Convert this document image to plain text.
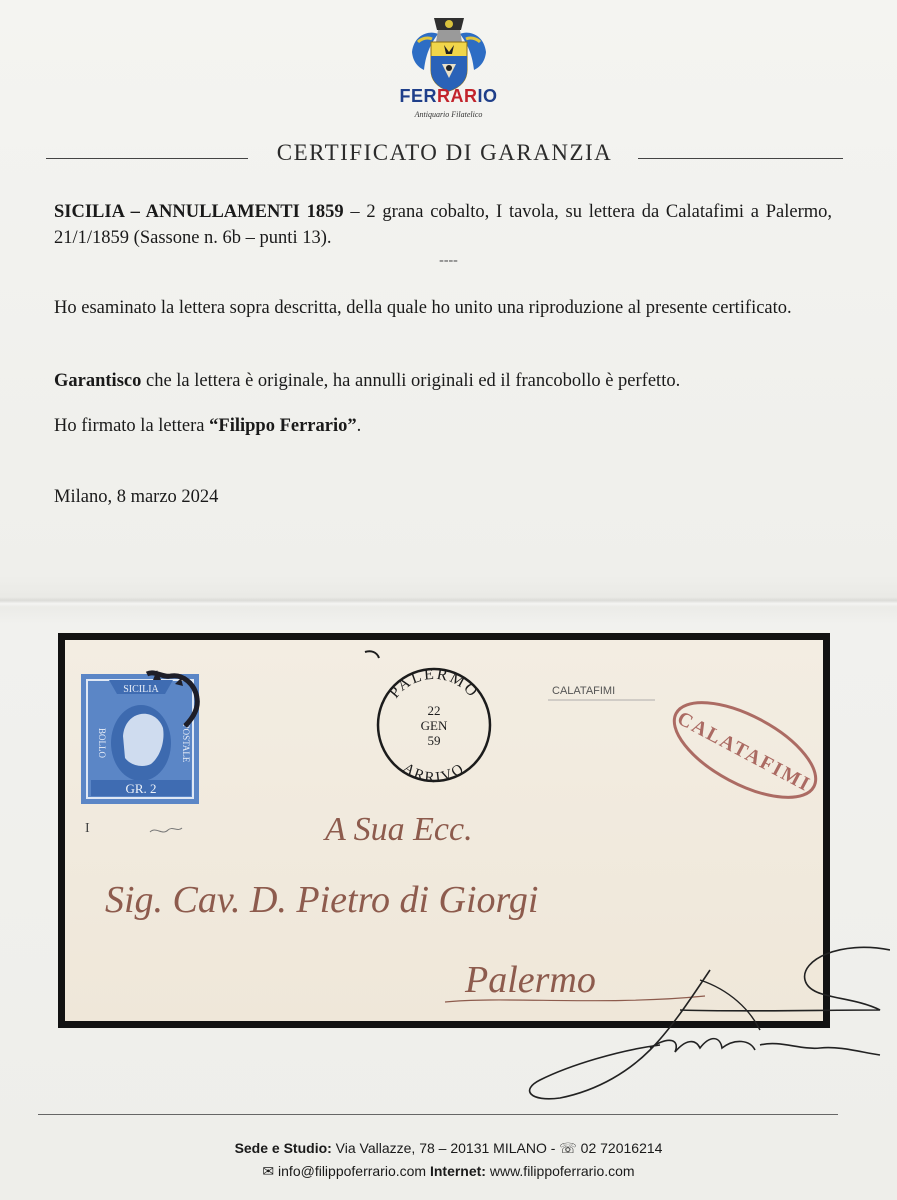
FERRARIO
Antiquario Filatelico
CERTIFICATO DI GARANZIA
SICILIA – ANNULLAMENTI 1859 – 2 grana cobalto, I tavola, su lettera da Calatafimi a Palermo, 21/1/1859 (Sassone n. 6b – punti 13).
----
Ho esaminato la lettera sopra descritta, della quale ho unito una riproduzione al presente certificato.
Garantisco che la lettera è originale, ha annulli originali ed il francobollo è perfetto.
Ho firmato la lettera “Filippo Ferrario”.
Milano, 8 marzo 2024
SICILIA
BOLLO	POSTALE
GR. 2
I
PALERMO
ARRIVO
22
GEN
59
CALATAFIMI
CALATAFIMI
A Sua Ecc.
Sig. Cav. D. Pietro di Giorgi
Palermo
Sede e Studio: Via Vallazze, 78 – 20131 MILANO - ☏ 02 72016214
✉ info@filippoferrario.com Internet: www.filippoferrario.com
